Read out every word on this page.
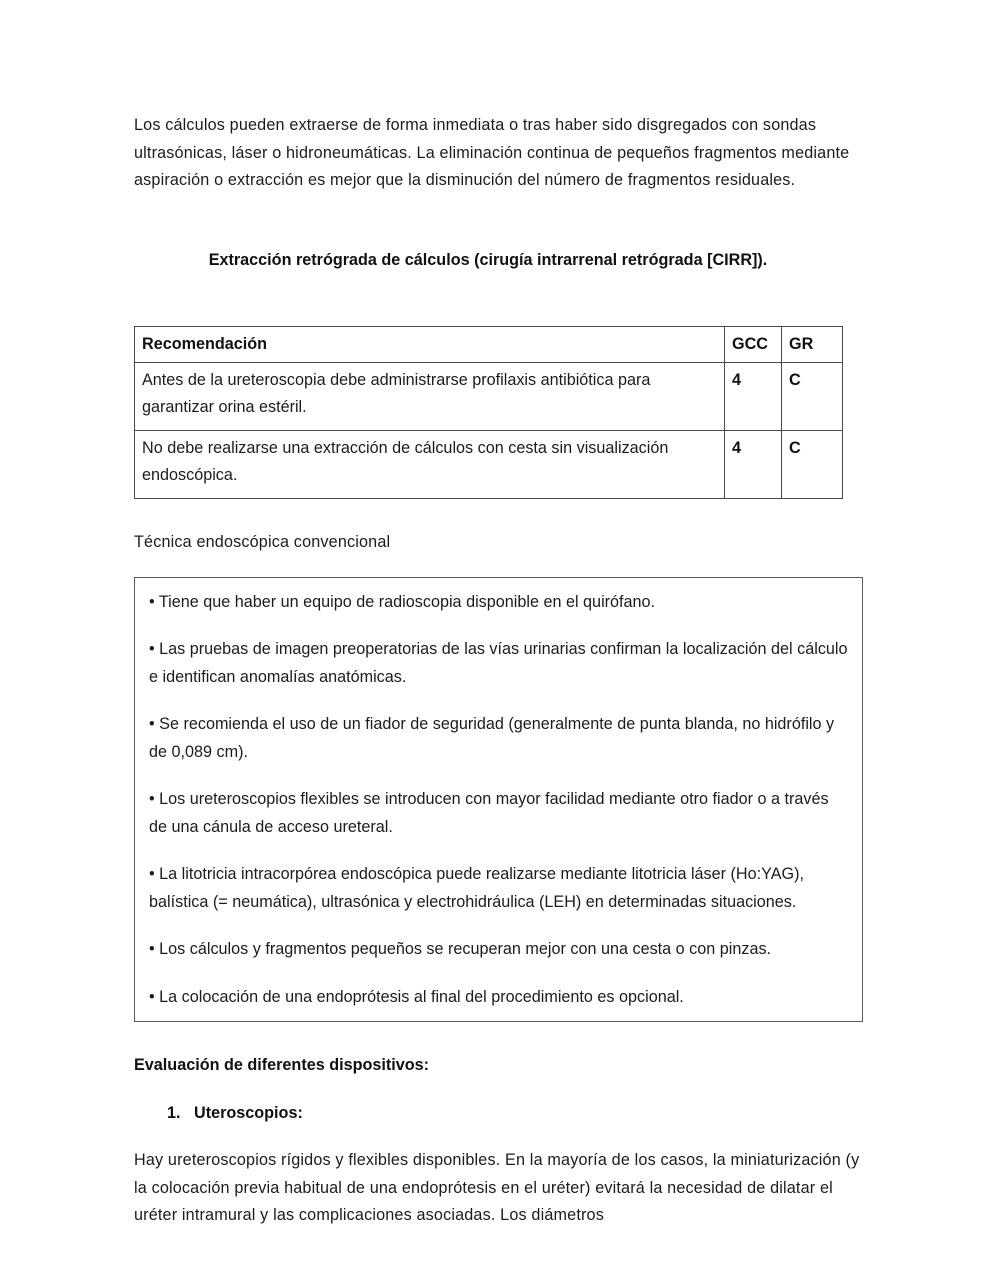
Los cálculos pueden extraerse de forma inmediata o tras haber sido disgregados con sondas ultrasónicas, láser o hidroneumáticas. La eliminación continua de pequeños fragmentos mediante aspiración o extracción es mejor que la disminución del número de fragmentos residuales.

Extracción retrógrada de cálculos (cirugía intrarrenal retrógrada [CIRR]).

Recomendación	GCC	GR
Antes de la ureteroscopia debe administrarse profilaxis antibiótica para garantizar orina estéril.	4	C
No debe realizarse una extracción de cálculos con cesta sin visualización endoscópica.	4	C

Técnica endoscópica convencional

• Tiene que haber un equipo de radioscopia disponible en el quirófano.

• Las pruebas de imagen preoperatorias de las vías urinarias confirman la localización del cálculo e identifican anomalías anatómicas.

• Se recomienda el uso de un fiador de seguridad (generalmente de punta blanda, no hidrófilo y de 0,089 cm).

• Los ureteroscopios flexibles se introducen con mayor facilidad mediante otro fiador o a través de una cánula de acceso ureteral.

• La litotricia intracorpórea endoscópica puede realizarse mediante litotricia láser (Ho:YAG), balística (= neumática), ultrasónica y electrohidráulica (LEH) en determinadas situaciones.

• Los cálculos y fragmentos pequeños se recuperan mejor con una cesta o con pinzas.

• La colocación de una endoprótesis al final del procedimiento es opcional.

Evaluación de diferentes dispositivos:

Uteroscopios:

Hay ureteroscopios rígidos y flexibles disponibles. En la mayoría de los casos, la miniaturización (y la colocación previa habitual de una endoprótesis en el uréter) evitará la necesidad de dilatar el uréter intramural y las complicaciones asociadas. Los diámetros
